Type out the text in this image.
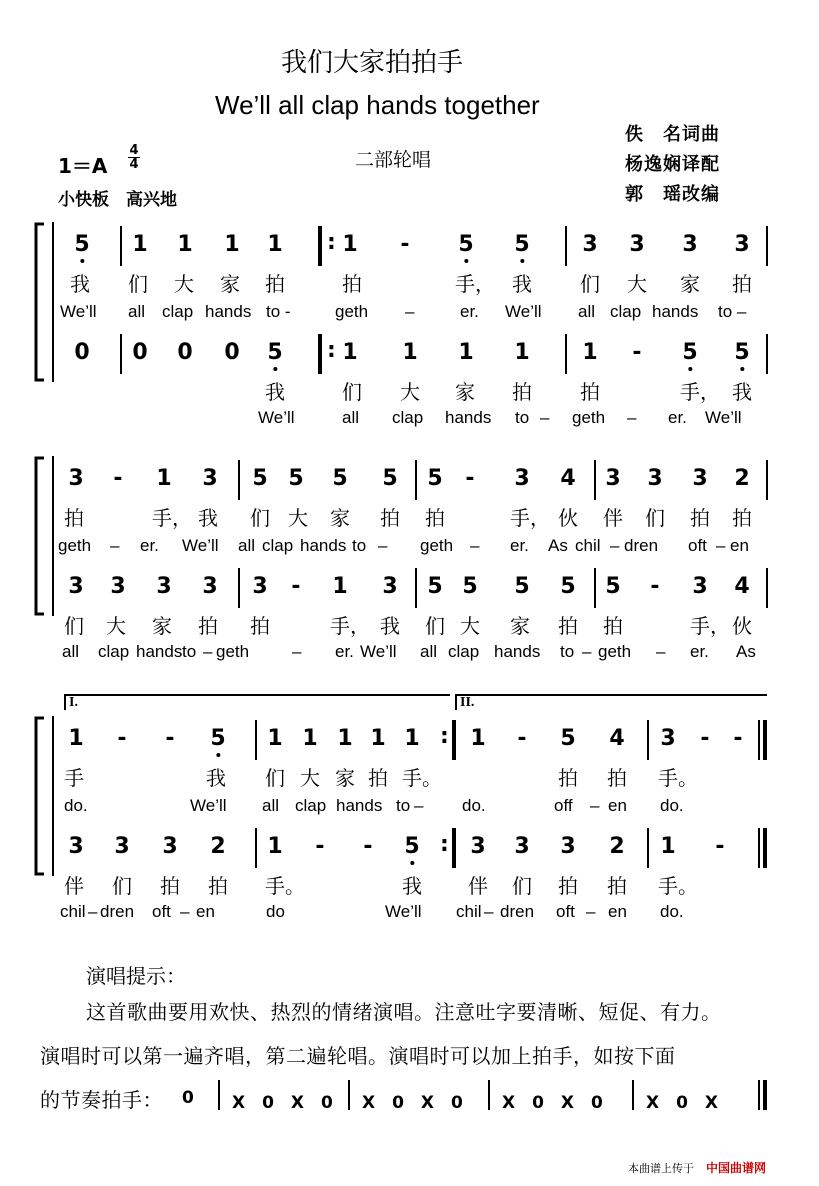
我们大家拍拍手
We’ll all clap hands together
佚　名词曲
杨逸娴译配
郭　瑶改编
1＝A
4
4	二部轮唱
小快板　高兴地
5 1 1 1 1 : 1 - 5 5 3 3 3 3
我 们 大 家 拍	拍	手， 我 们 大 家 拍
We’ll all clap hands to -	geth –	er. We’ll all clap hands to –
0 0 0 0 5 : 1 1 1 1 1 - 5 5
我	们 大 家 拍 拍	手， 我
We’ll	all clap hands to – geth – er. We’ll
3 - 1 3 5 5 5 5 5 - 3 4 3 3 3 2
拍	手， 我 们 大 家 拍 拍	手， 伙 伴 们 拍 拍
geth – er. We’ll all clap hands to – geth – er. As chil – dren oft – en
3 3 3 3 3 - 1 3 5 5 5 5 5 - 3 4
们 大 家 拍 拍	手， 我 们 大 家 拍 拍	手， 伙
all clap hands to – geth	– er. We’ll all clap hands to – geth – er. As
I.	II.
1 - - 5 1 1 1 1 1 : 1 - 5 4 3 - -
手	我 们 大 家 拍 手。	拍 拍 手。
do.	We’ll all clap hands to – do.	off – en do.
3 3 3 2 1 - - 5 : 3 3 3 2 1 -
伴 们 拍 拍 手。	我 伴 们 拍 拍 手。
chil – dren oft – en	do	We’ll chil – dren oft – en do.
演唱提示：
这首歌曲要用欢快、热烈的情绪演唱。注意吐字要清晰、短促、有力。
演唱时可以第一遍齐唱，第二遍轮唱。演唱时可以加上拍手，如按下面
的节奏拍手： 0 X　0　X　0 X　0　X　0 X　0　X　0	X　0　X
本曲谱上传于 中国曲谱网
